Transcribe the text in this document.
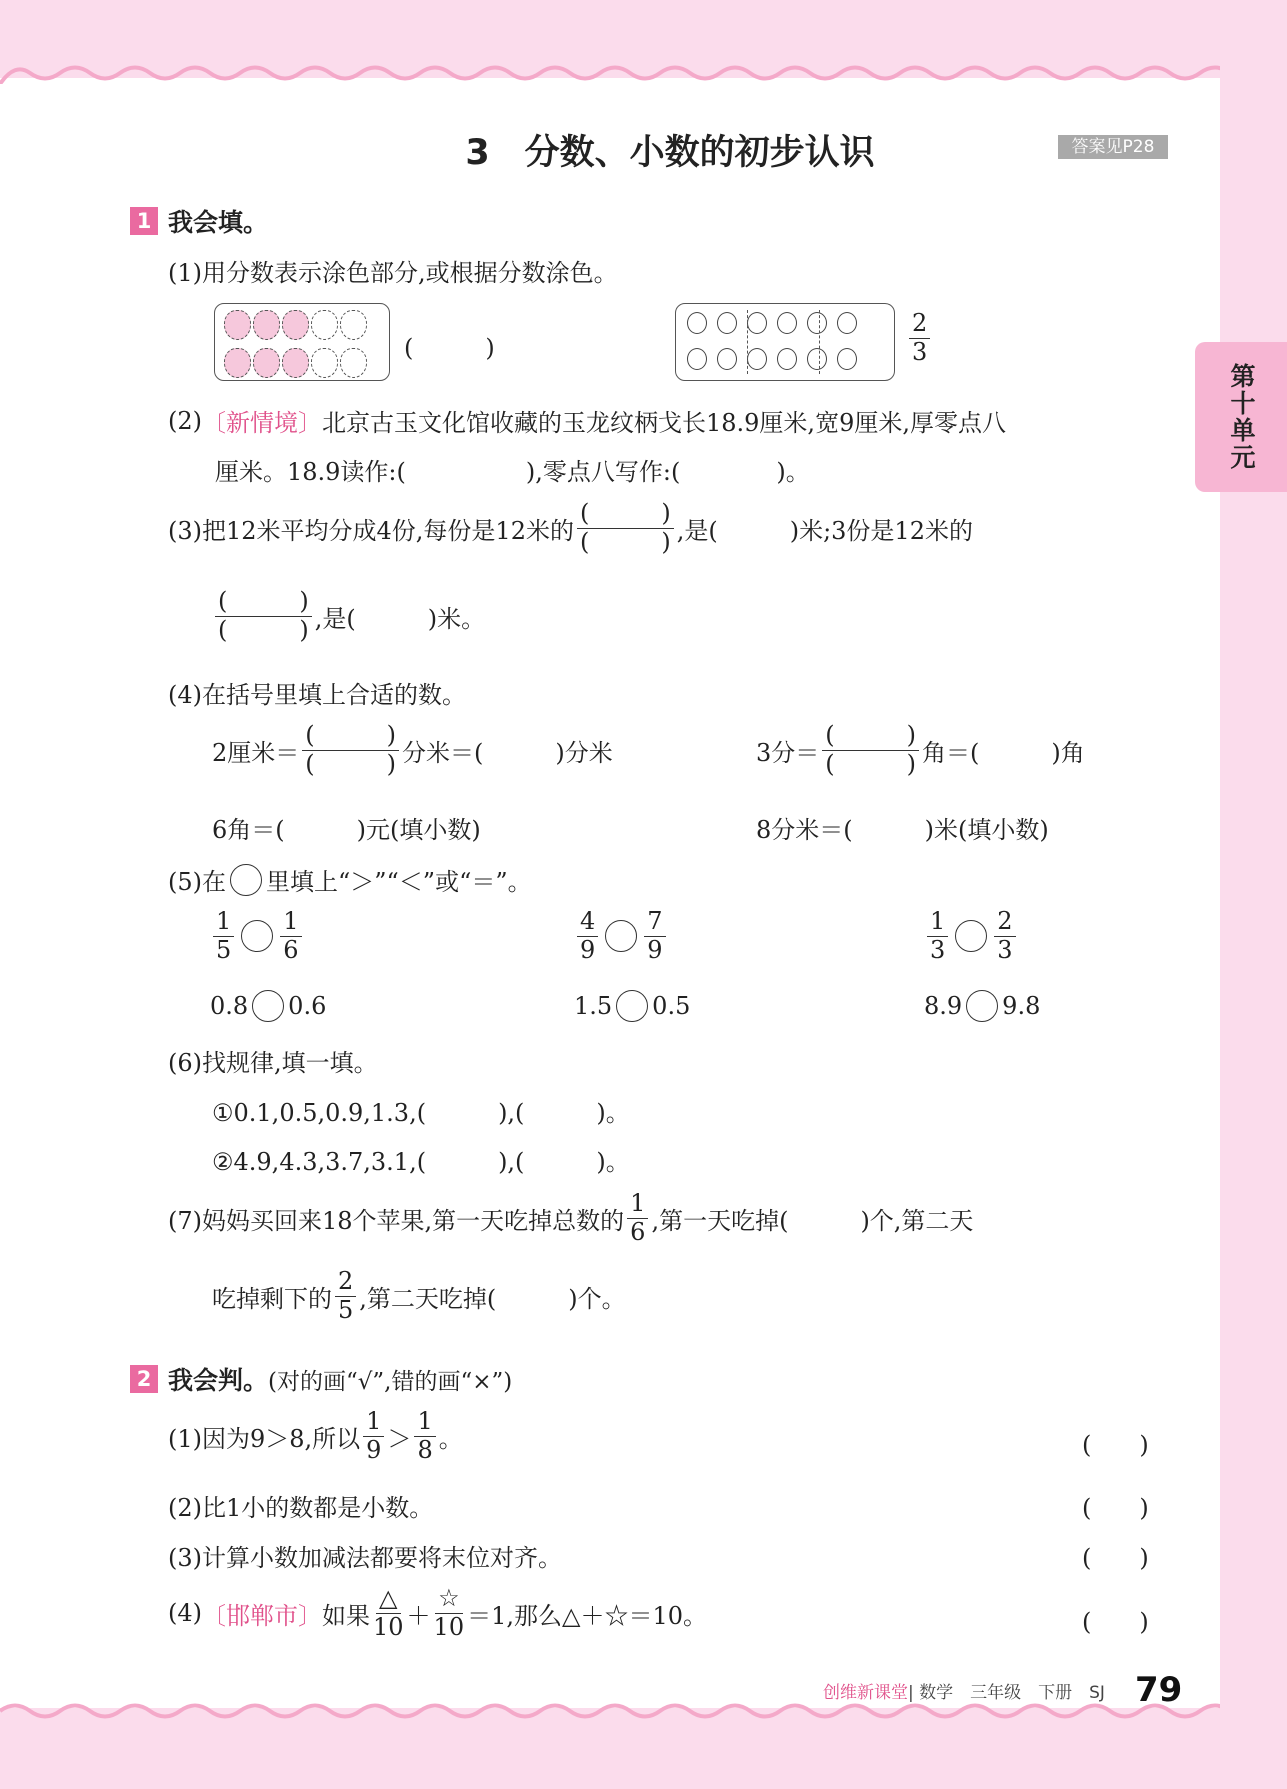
第十单元
3　分数、小数的初步认识	答案见P28
1 我会填。
(1)用分数表示涂色部分,或根据分数涂色。
(　　　)	$\frac{2}{3}$
(2) 〔新情境〕 北京古玉文化馆收藏的玉龙纹柄戈长18.9厘米,宽9厘米,厚零点八
厘米。18.9读作:(　　　　　),零点八写作:(　　　　)。
(3)把12米平均分成4份,每份是12米的 $\frac{( )}{( )}$ ,是(　　　)米;3份是12米的
$\frac{( )}{( )}$ ,是(　　　)米。
(4)在括号里填上合适的数。
2厘米＝ $\frac{( )}{( )}$ 分米＝(　　　)分米	3分＝ $\frac{( )}{( )}$ 角＝(　　　)角
6角＝(　　　)元(填小数)	8分米＝(　　　)米(填小数)
(5)在 里填上“＞”“＜”或“＝”。
$\frac{1}{5} \frac{1}{6}$	$\frac{4}{9} \frac{7}{9}$	$\frac{1}{3} \frac{2}{3}$
0.8 0.6	1.5 0.5	8.9 9.8
(6)找规律,填一填。
①0.1,0.5,0.9,1.3,(　　　),(　　　)。
②4.9,4.3,3.7,3.1,(　　　),(　　　)。
(7)妈妈买回来18个苹果,第一天吃掉总数的 $\frac{1}{6}$ ,第一天吃掉(　　　)个,第二天
吃掉剩下的 $\frac{2}{5}$ ,第二天吃掉(　　　)个。
2 我会判。 (对的画“√”,错的画“×”)
(1)因为9＞8,所以 $\frac{1}{9} > \frac{1}{8}$ 。	(　　)
(2)比1小的数都是小数。	(　　)
(3)计算小数加减法都要将末位对齐。	(　　)
(4) 〔邯郸市〕 如果 $\frac{\triangle}{10} + \frac{☆}{10} =1$,那么△＋☆＝10。	(　　)
创维新课堂 | 数学　三年级　下册　SJ 79
